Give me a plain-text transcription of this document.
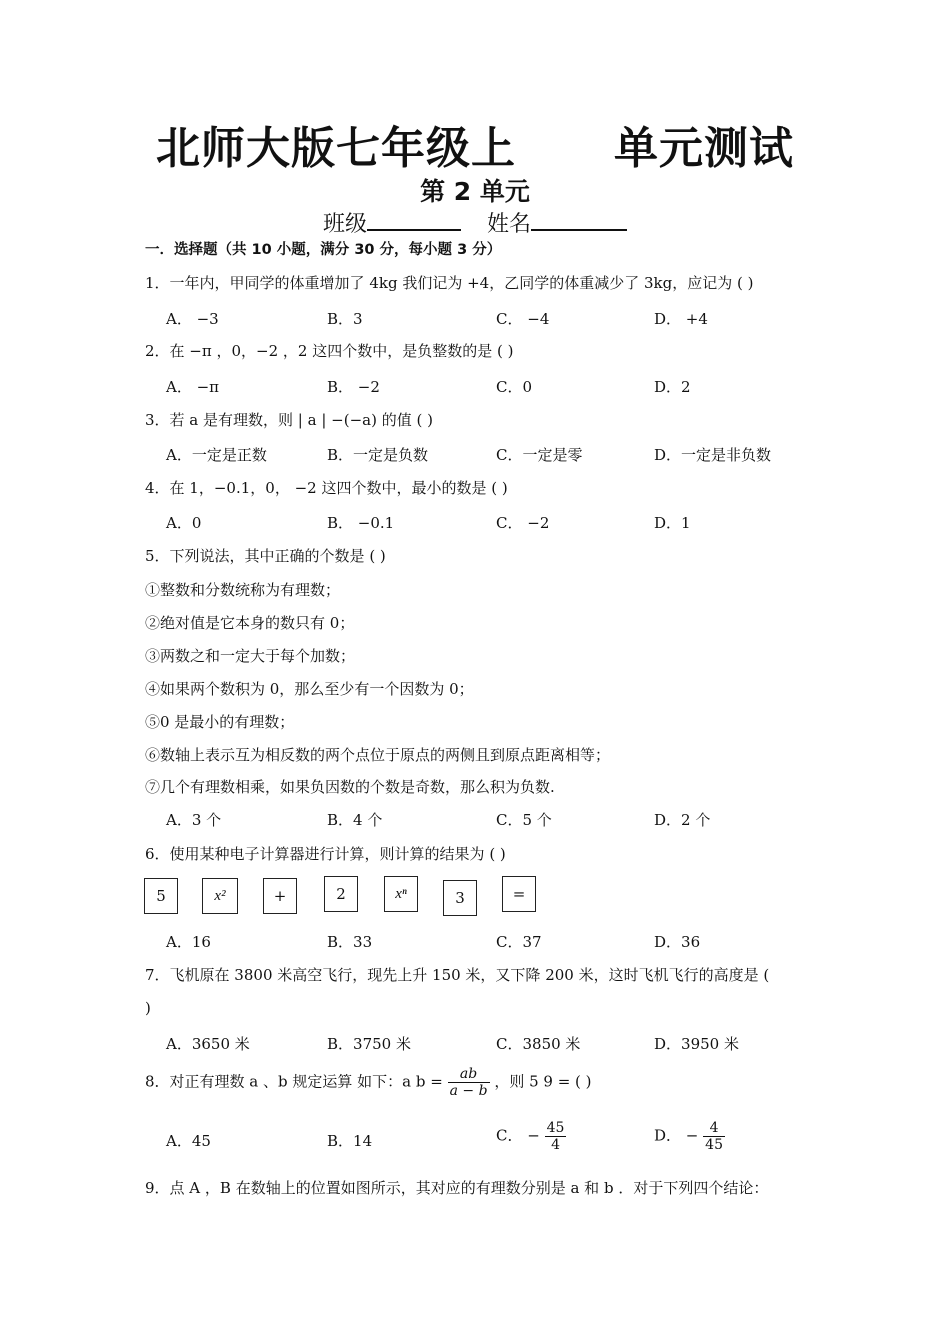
北师大版七年级上      单元测试
第 2 单元
班级	姓名
一．选择题（共 10 小题，满分 30 分，每小题 3 分）
1．一年内，甲同学的体重增加了 4kg 我们记为 +4，乙同学的体重减少了 3kg，应记为 ( )
A． −3	B．3	C． −4	D． +4
2．在 −π ，0，−2 ，2 这四个数中，是负整数的是 ( )
A． −π	B． −2	C．0	D．2
3．若 a 是有理数，则 | a | −(−a) 的值 ( )
A．一定是正数	B．一定是负数	C．一定是零	D．一定是非负数
4．在 1，−0.1，0， −2 这四个数中，最小的数是 ( )
A．0	B． −0.1	C． −2	D．1
5．下列说法，其中正确的个数是 ( )
①整数和分数统称为有理数；
②绝对值是它本身的数只有 0；
③两数之和一定大于每个加数；
④如果两个数积为 0，那么至少有一个因数为 0；
⑤0 是最小的有理数；
⑥数轴上表示互为相反数的两个点位于原点的两侧且到原点距离相等；
⑦几个有理数相乘，如果负因数的个数是奇数，那么积为负数.
A．3 个	B．4 个	C．5 个	D．2 个
6．使用某种电子计算器进行计算，则计算的结果为 ( )
5	x²	+	2	xⁿ	3	=
A．16	B．33	C．37	D．36
7．飞机原在 3800 米高空飞行，现先上升 150 米，又下降 200 米，这时飞机飞行的高度是 (
)
A．3650 米	B．3750 米	C．3850 米	D．3950 米
8．对正有理数 a 、b 规定运算 如下：a $b = \frac{ab}{a - b}$ ，则 5 9 = ( )
A．45	B．14	C． − $\frac{45}{4}$	D． − $\frac{4}{45}$
9．点 A ，B 在数轴上的位置如图所示，其对应的有理数分别是 a 和 b ．对于下列四个结论：
